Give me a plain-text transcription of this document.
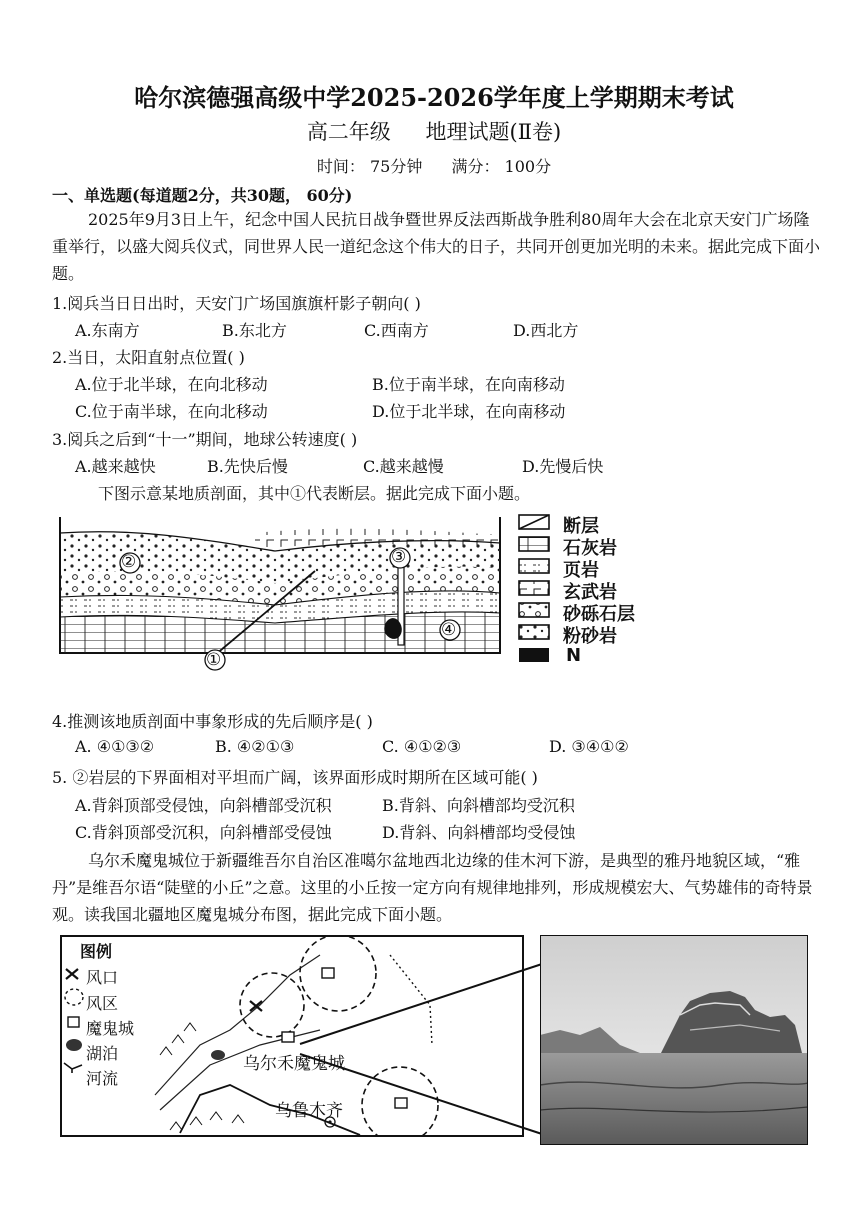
哈尔滨德强高级中学2025-2026学年度上学期期末考试
高二年级 地理试题(Ⅱ卷)
时间： 75分钟 满分： 100分
一、单选题(每道题2分，共30题， 60分)
2025年9月3日上午，纪念中国人民抗日战争暨世界反法西斯战争胜利80周年大会在北京天安门广场隆重举行，以盛大阅兵仪式，同世界人民一道纪念这个伟大的日子，共同开创更加光明的未来。据此完成下面小题。
1.阅兵当日日出时，天安门广场国旗旗杆影子朝向( )
A.东南方	B.东北方	C.西南方	D.西北方
2.当日，太阳直射点位置( )
A.位于北半球，在向北移动	B.位于南半球，在向南移动
C.位于南半球，在向北移动	D.位于北半球，在向南移动
3.阅兵之后到“十一”期间，地球公转速度( )
A.越来越快	B.先快后慢	C.越来越慢	D.先慢后快
下图示意某地质剖面，其中①代表断层。据此完成下面小题。
②	③
④
①
断层
石灰岩
页岩
玄武岩
砂砾石层
粉砂岩
N
4.推测该地质剖面中事象形成的先后顺序是( )
A. ④①③②	B. ④②①③	C. ④①②③	D. ③④①②
5. ②岩层的下界面相对平坦而广阔，该界面形成时期所在区域可能( )
A.背斜顶部受侵蚀，向斜槽部受沉积	B.背斜、向斜槽部均受沉积
C.背斜顶部受沉积，向斜槽部受侵蚀	D.背斜、向斜槽部均受侵蚀
乌尔禾魔鬼城位于新疆维吾尔自治区准噶尔盆地西北边缘的佳木河下游，是典型的雅丹地貌区域，“雅丹”是维吾尔语“陡壁的小丘”之意。这里的小丘按一定方向有规律地排列，形成规模宏大、气势雄伟的奇特景观。读我国北疆地区魔鬼城分布图，据此完成下面小题。
图例
风口
风区
魔鬼城
湖泊
河流
乌尔禾魔鬼城
乌鲁木齐
